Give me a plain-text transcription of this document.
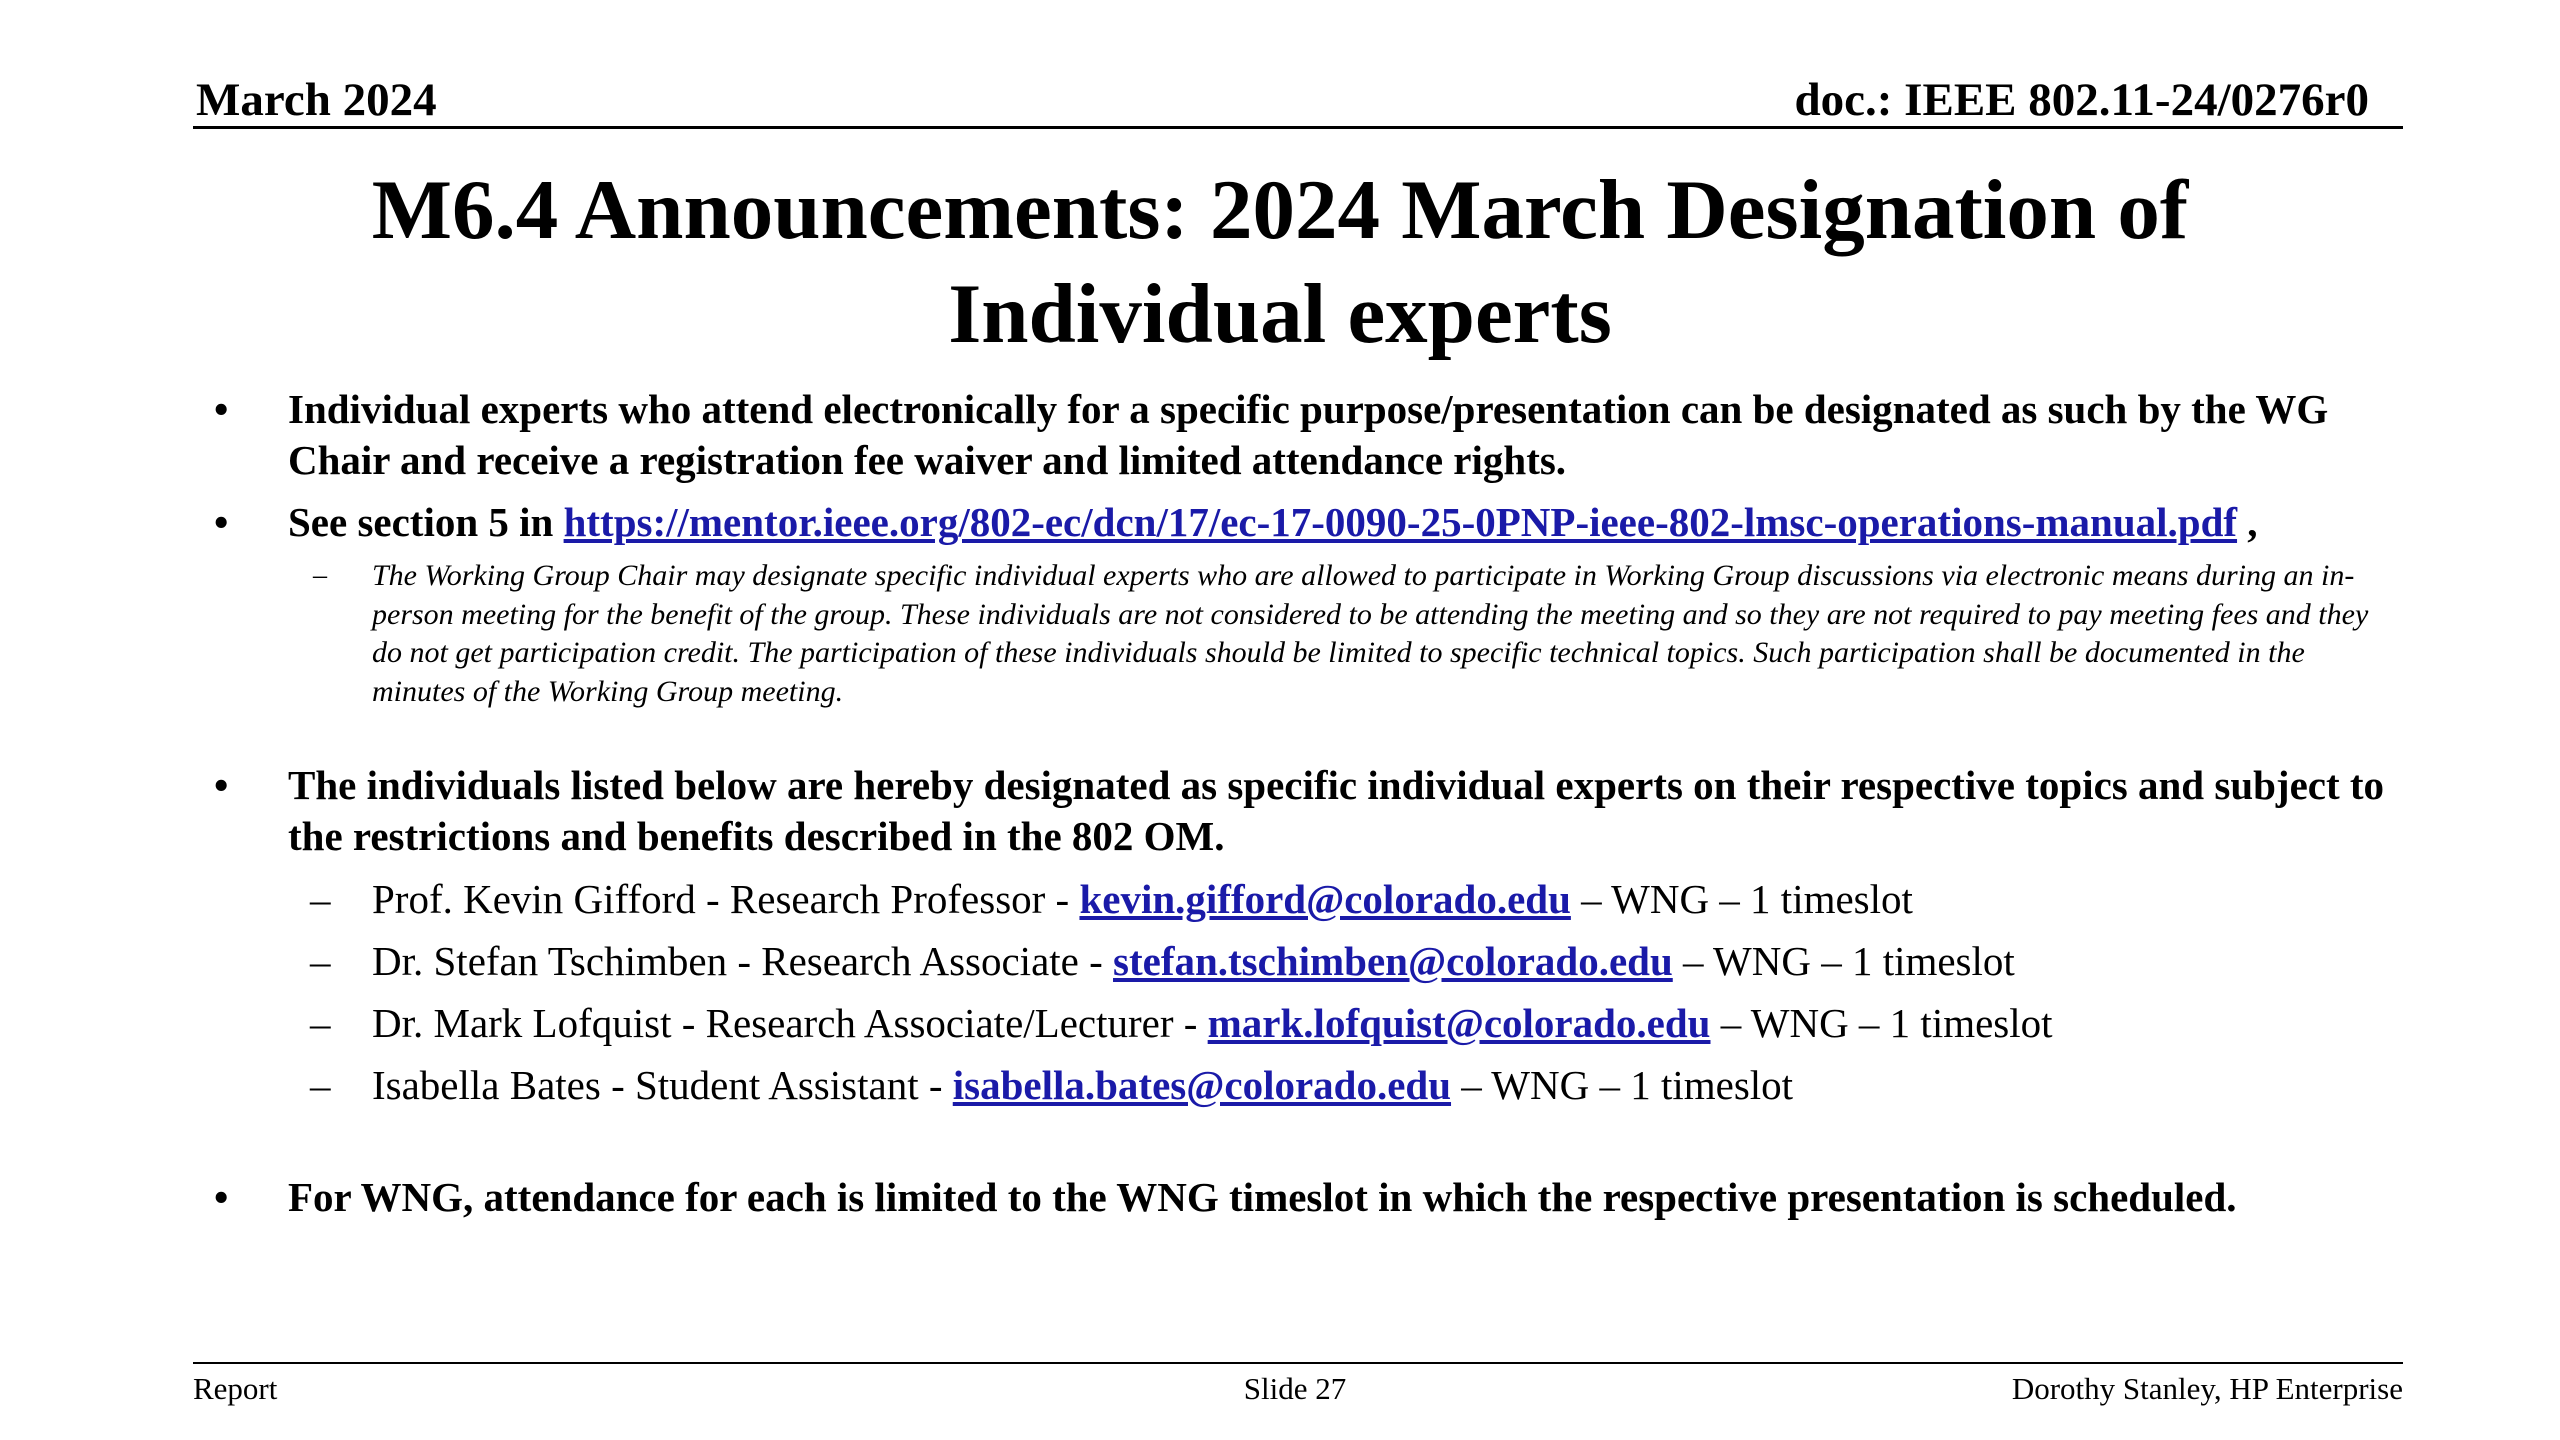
March 2024	doc.: IEEE 802.11-24/0276r0
M6.4 Announcements: 2024 March Designation of Individual experts
• Individual experts who attend electronically for a specific purpose/presentation can be designated as such by the WG Chair and receive a registration fee waiver and limited attendance rights.
• See section 5 in https://mentor.ieee.org/802-ec/dcn/17/ec-17-0090-25-0PNP-ieee-802-lmsc-operations-manual.pdf ,
– The Working Group Chair may designate specific individual experts who are allowed to participate in Working Group discussions via electronic means during an in-person meeting for the benefit of the group. These individuals are not considered to be attending the meeting and so they are not required to pay meeting fees and they do not get participation credit. The participation of these individuals should be limited to specific technical topics. Such participation shall be documented in the minutes of the Working Group meeting.
• The individuals listed below are hereby designated as specific individual experts on their respective topics and subject to the restrictions and benefits described in the 802 OM.
– Prof. Kevin Gifford - Research Professor - kevin.gifford@colorado.edu – WNG – 1 timeslot
– Dr. Stefan Tschimben - Research Associate - stefan.tschimben@colorado.edu – WNG – 1 timeslot
– Dr. Mark Lofquist - Research Associate/Lecturer - mark.lofquist@colorado.edu – WNG – 1 timeslot
– Isabella Bates - Student Assistant - isabella.bates@colorado.edu – WNG – 1 timeslot
• For WNG, attendance for each is limited to the WNG timeslot in which the respective presentation is scheduled.
Report	Slide 27	Dorothy Stanley, HP Enterprise
